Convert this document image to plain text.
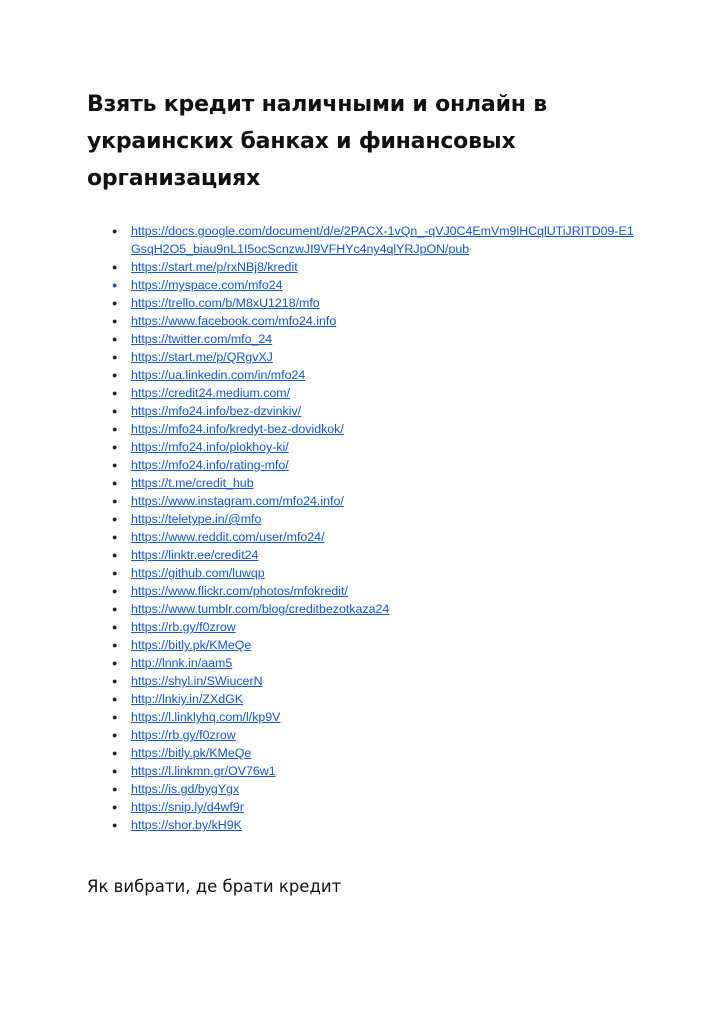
Взять кредит наличными и онлайн в
украинских банках и финансовых
организациях
●	https://docs.google.com/document/d/e/2PACX-1vQn_-qVJ0C4EmVm9lHCqlUTiJRITD09-E1GsqH2O5_biau9nL1I5ocScnzwJI9VFHYc4ny4qlYRJpON/pub
●	https://start.me/p/rxNBj8/kredit
●	https://myspace.com/mfo24
●	https://trello.com/b/M8xU1218/mfo
●	https://www.facebook.com/mfo24.info
●	https://twitter.com/mfo_24
●	https://start.me/p/QRgvXJ
●	https://ua.linkedin.com/in/mfo24
●	https://credit24.medium.com/
●	https://mfo24.info/bez-dzvinkiv/
●	https://mfo24.info/kredyt-bez-dovidkok/
●	https://mfo24.info/plokhoy-ki/
●	https://mfo24.info/rating-mfo/
●	https://t.me/credit_hub
●	https://www.instagram.com/mfo24.info/
●	https://teletype.in/@mfo
●	https://www.reddit.com/user/mfo24/
●	https://linktr.ee/credit24
●	https://github.com/luwqp
●	https://www.flickr.com/photos/mfokredit/
●	https://www.tumblr.com/blog/creditbezotkaza24
●	https://rb.gy/f0zrow
●	https://bitly.pk/KMeQe
●	http://lnnk.in/aam5
●	https://shyl.in/SWiucerN
●	http://lnkiy.in/ZXdGK
●	https://l.linklyhq.com/l/kp9V
●	https://rb.gy/f0zrow
●	https://bitly.pk/KMeQe
●	https://l.linkmn.gr/OV76w1
●	https://is.gd/bygYgx
●	https://snip.ly/d4wf9r
●	https://shor.by/kH9K
Як вибрати, де брати кредит
